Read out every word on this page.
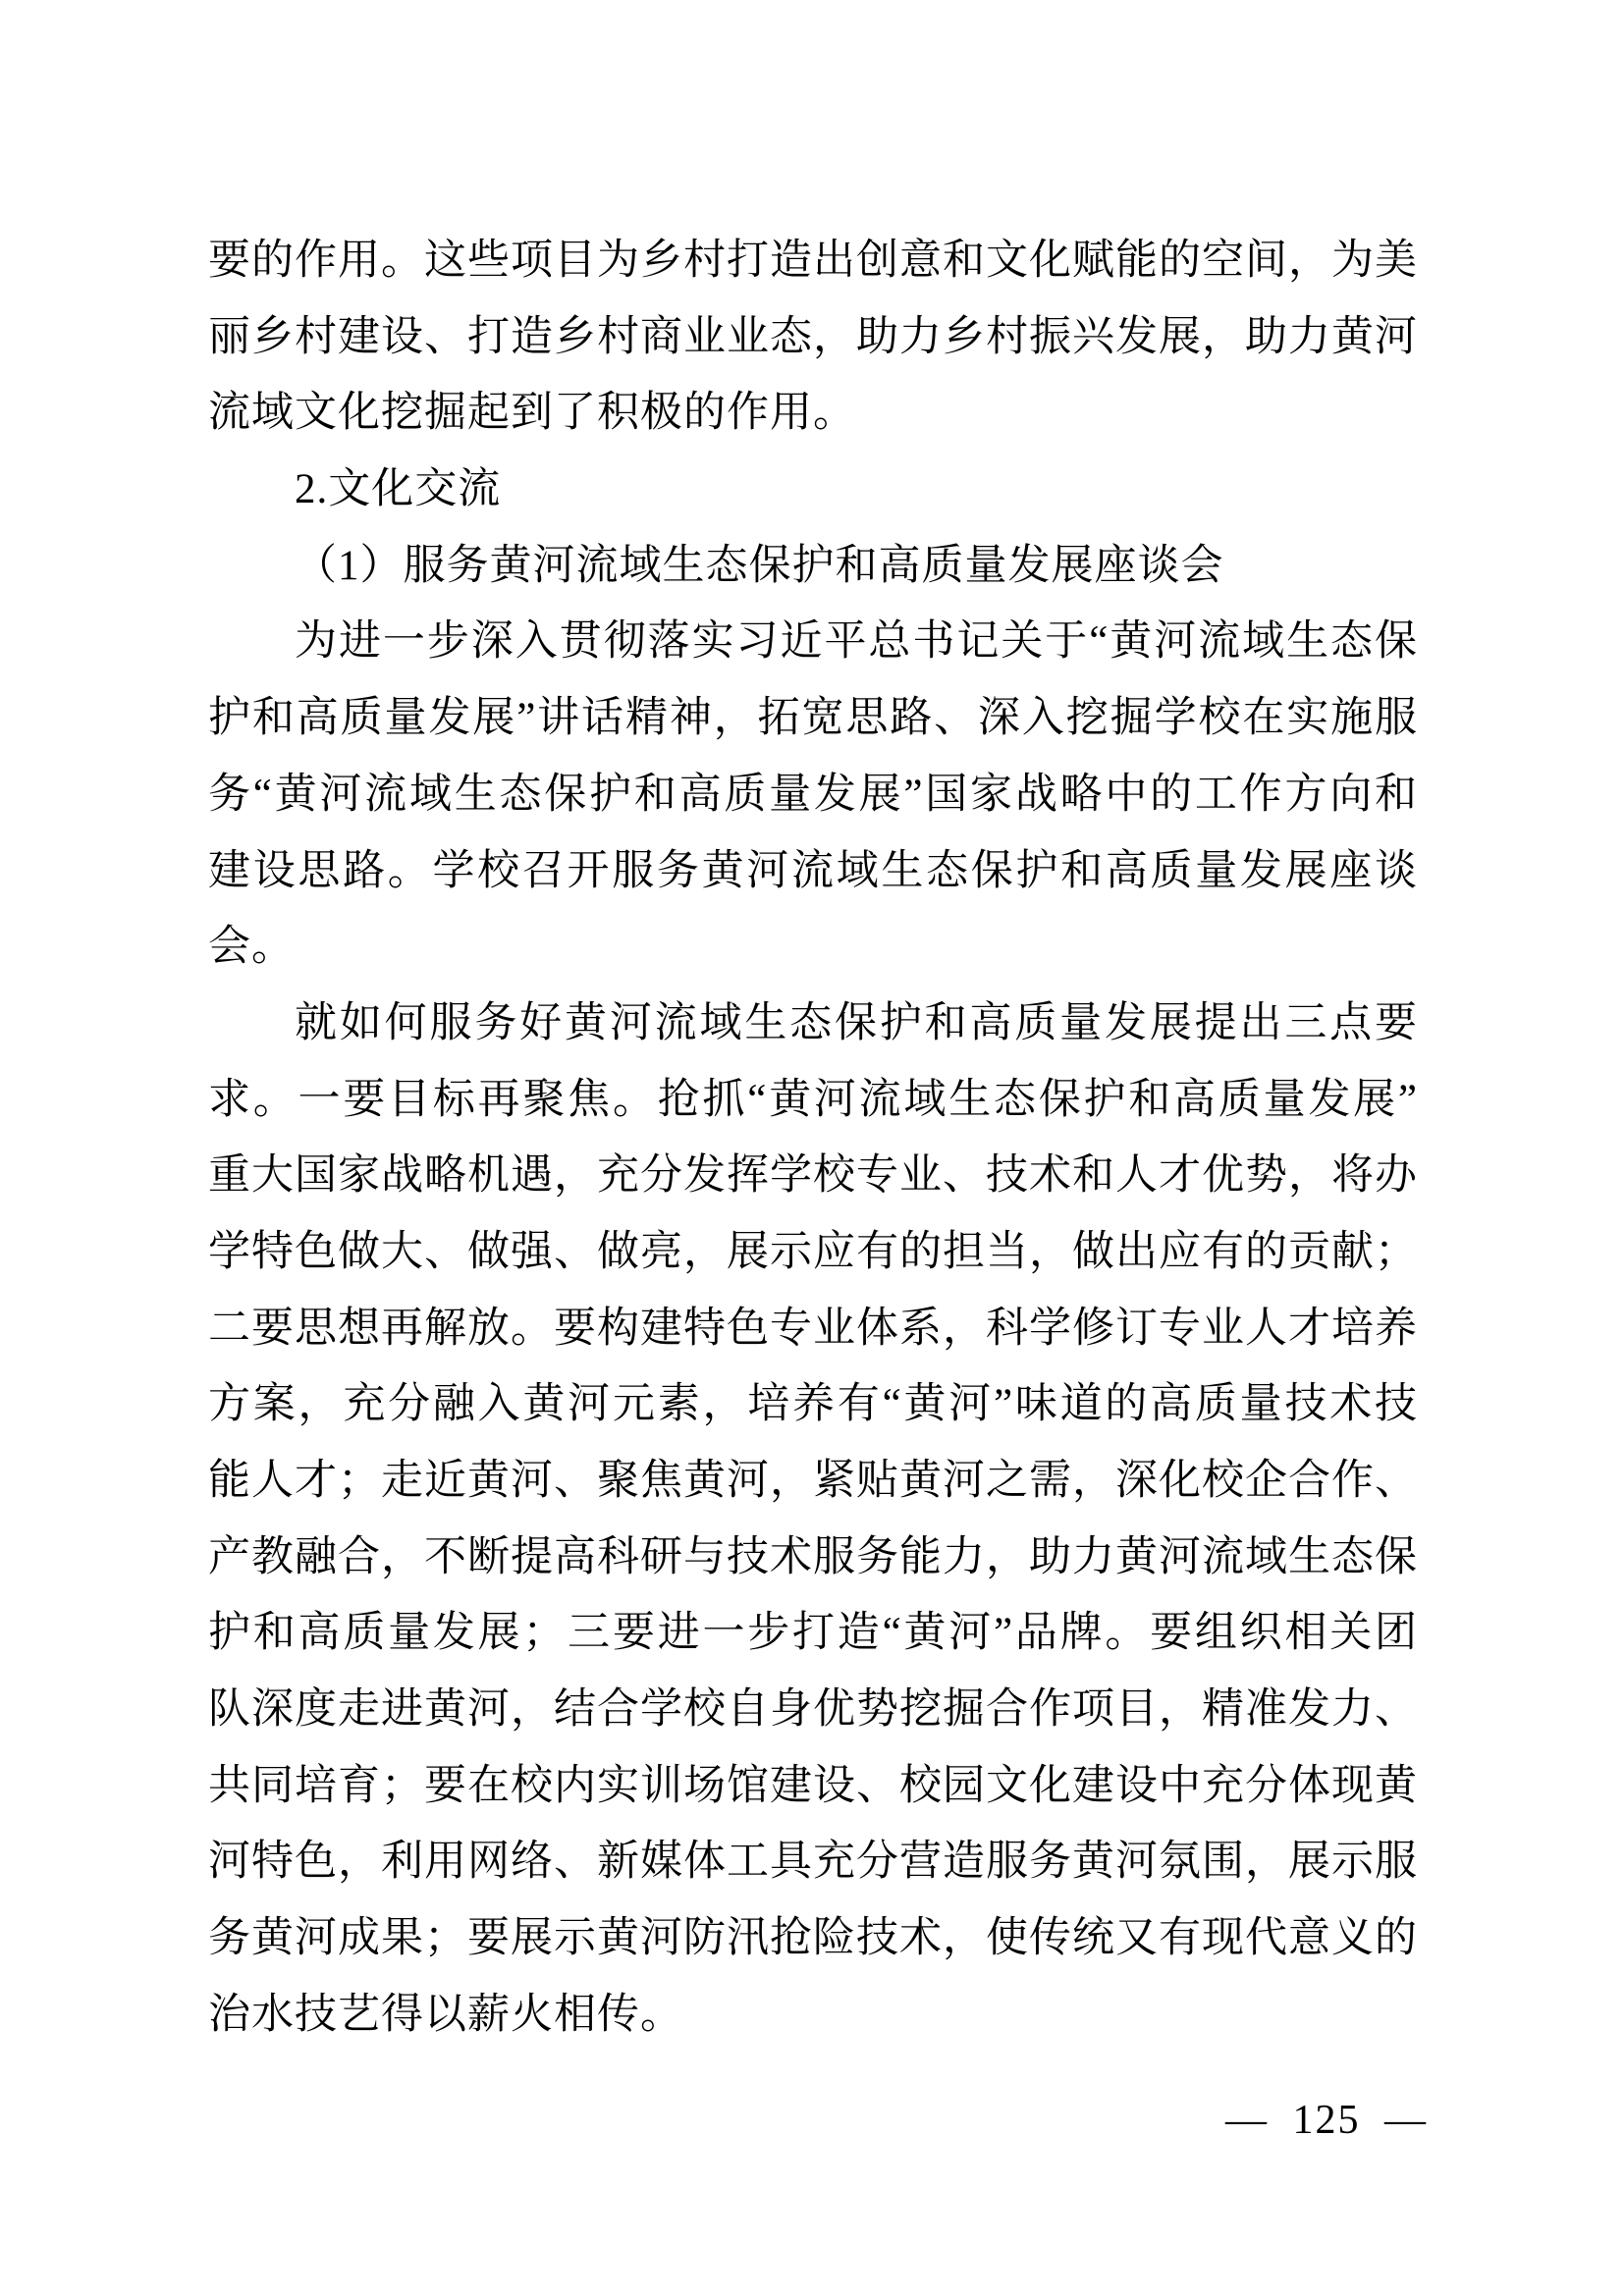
要的作用。这些项目为乡村打造出创意和文化赋能的空间，为美
丽乡村建设、打造乡村商业业态，助力乡村振兴发展，助力黄河
流域文化挖掘起到了积极的作用。
2.文化交流
（1）服务黄河流域生态保护和高质量发展座谈会
为进一步深入贯彻落实习近平总书记关于“黄河流域生态保
护和高质量发展”讲话精神，拓宽思路、深入挖掘学校在实施服
务“黄河流域生态保护和高质量发展”国家战略中的工作方向和
建设思路。学校召开服务黄河流域生态保护和高质量发展座谈
会。
就如何服务好黄河流域生态保护和高质量发展提出三点要
求。一要目标再聚焦。抢抓“黄河流域生态保护和高质量发展”
重大国家战略机遇，充分发挥学校专业、技术和人才优势，将办
学特色做大、做强、做亮，展示应有的担当，做出应有的贡献；
二要思想再解放。要构建特色专业体系，科学修订专业人才培养
方案，充分融入黄河元素，培养有“黄河”味道的高质量技术技
能人才；走近黄河、聚焦黄河，紧贴黄河之需，深化校企合作、
产教融合，不断提高科研与技术服务能力，助力黄河流域生态保
护和高质量发展；三要进一步打造“黄河”品牌。要组织相关团
队深度走进黄河，结合学校自身优势挖掘合作项目，精准发力、
共同培育；要在校内实训场馆建设、校园文化建设中充分体现黄
河特色，利用网络、新媒体工具充分营造服务黄河氛围，展示服
务黄河成果；要展示黄河防汛抢险技术，使传统又有现代意义的
治水技艺得以薪火相传。
— 125 —
